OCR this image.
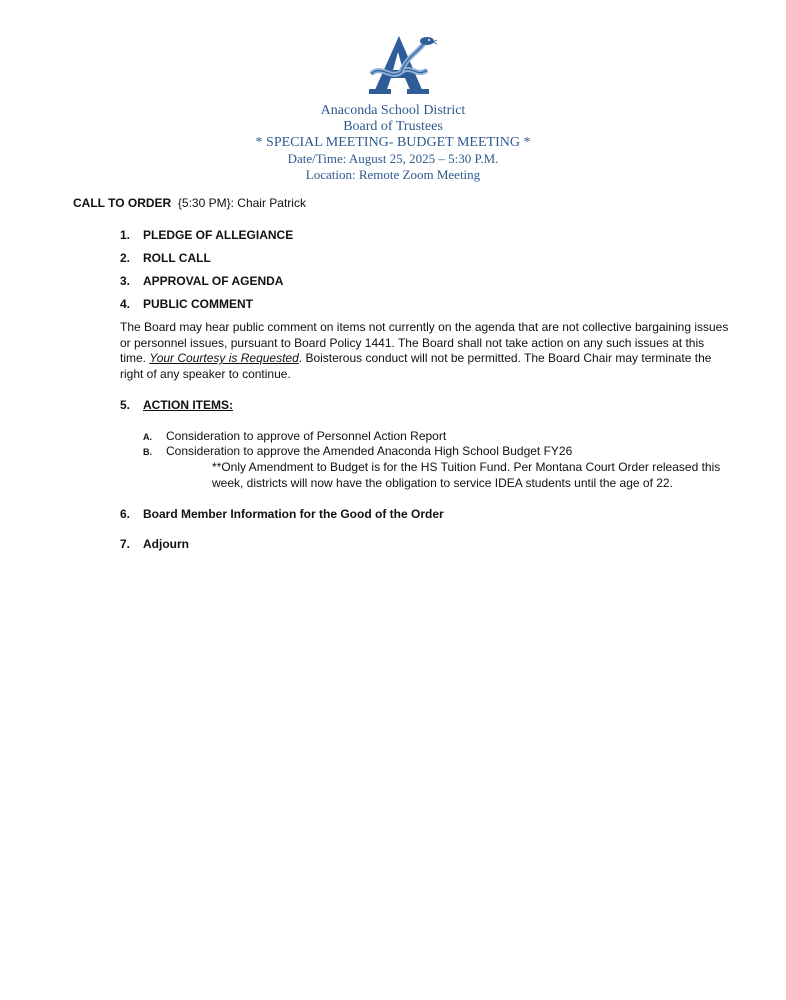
Anaconda School District
Board of Trustees
* SPECIAL MEETING- BUDGET MEETING *
Date/Time: August 25, 2025 – 5:30 P.M.
Location: Remote Zoom Meeting
CALL TO ORDER {5:30 PM}: Chair Patrick
1. PLEDGE OF ALLEGIANCE
2. ROLL CALL
3. APPROVAL OF AGENDA
4. PUBLIC COMMENT
The Board may hear public comment on items not currently on the agenda that are not collective bargaining issues or personnel issues, pursuant to Board Policy 1441. The Board shall not take action on any such issues at this time. Your Courtesy is Requested. Boisterous conduct will not be permitted. The Board Chair may terminate the right of any speaker to continue.
5. ACTION ITEMS:
A. Consideration to approve of Personnel Action Report
B. Consideration to approve the Amended Anaconda High School Budget FY26
**Only Amendment to Budget is for the HS Tuition Fund. Per Montana Court Order released this week, districts will now have the obligation to service IDEA students until the age of 22.
6. Board Member Information for the Good of the Order
7. Adjourn
